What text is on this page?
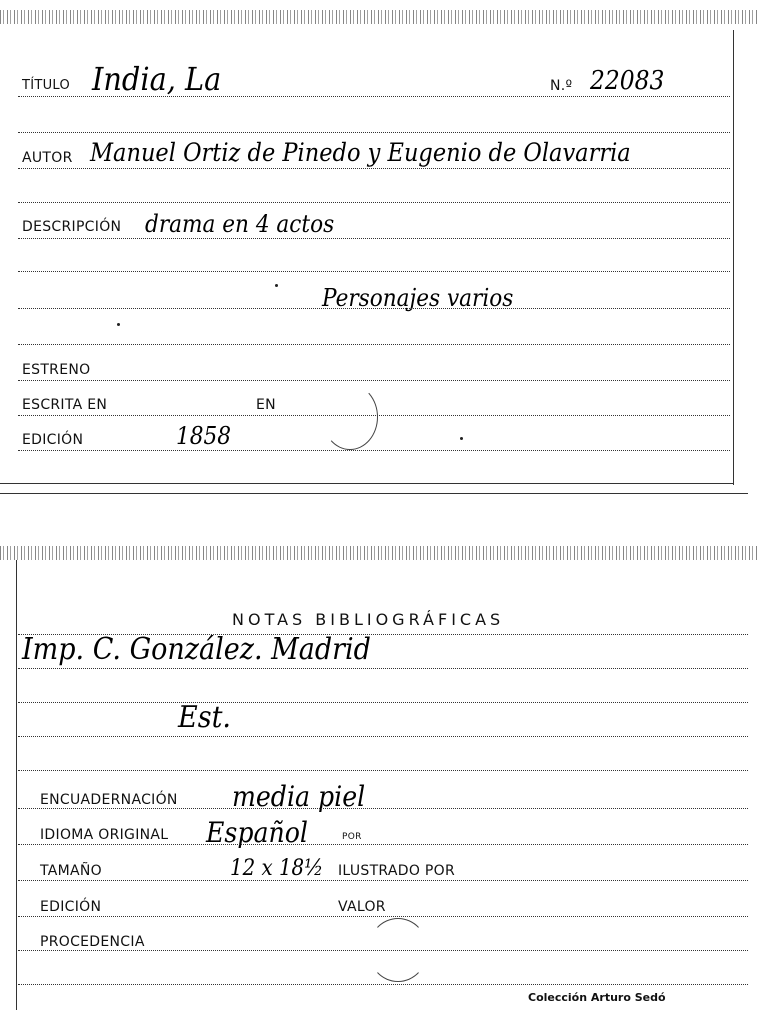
TÍTULO India, La	N.º 22083
AUTOR Manuel Ortiz de Pinedo y Eugenio de Olavarria
DESCRIPCIÓN drama en 4 actos
Personajes varios
ESTRENO
ESCRITA EN	EN
EDICIÓN	1858
NOTAS BIBLIOGRÁFICAS
Imp. C. González. Madrid
Est.
ENCUADERNACIÓN media piel
IDIOMA ORIGINAL Español	POR
TAMAÑO	12 x 18½ ILUSTRADO POR
EDICIÓN	VALOR
PROCEDENCIA
Colección Arturo Sedó
